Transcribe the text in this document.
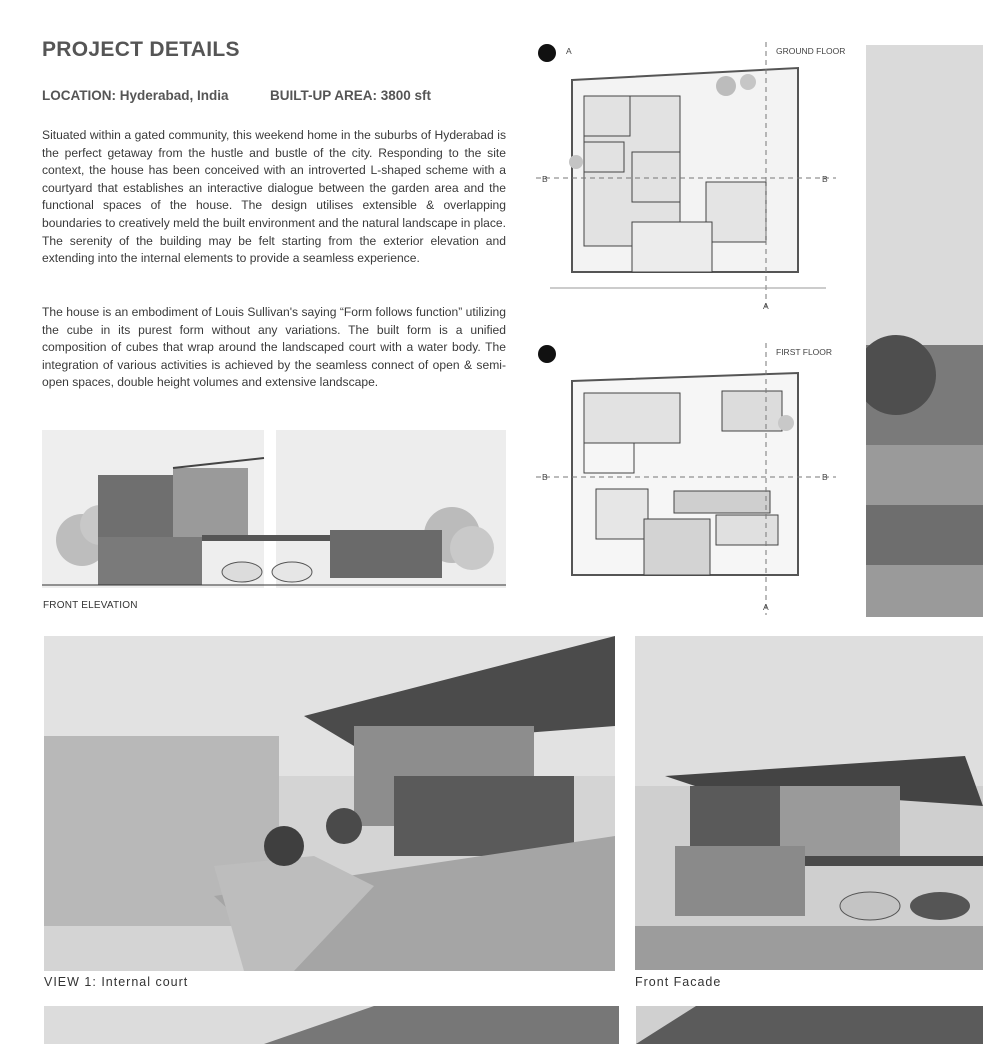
PROJECT DETAILS
LOCATION: Hyderabad, India	BUILT-UP AREA: 3800 sft
Situated within a gated community, this weekend home in the suburbs of Hyderabad is the perfect getaway from the hustle and bustle of the city. Responding to the site context, the house has been conceived with an introverted L-shaped scheme with a courtyard that establishes an interactive dialogue between the garden area and the functional spaces of the house. The design utilises extensible & overlapping boundaries to creatively meld the built environment and the natural landscape in place. The serenity of the building may be felt starting from the exterior elevation and extending into the internal elements to provide a seamless experience.
The house is an embodiment of Louis Sullivan's saying “Form follows function” utilizing the cube in its purest form without any variations. The built form is a unified composition of cubes that wrap around the landscaped court with a water body. The integration of various activities is achieved by the seamless connect of open & semi-open spaces, double height volumes and extensive landscape.
FRONT ELEVATION
A	GROUND FLOOR
B	B
A
FIRST FLOOR
B	B
A
VIEW 1: Internal court	Front Facade
